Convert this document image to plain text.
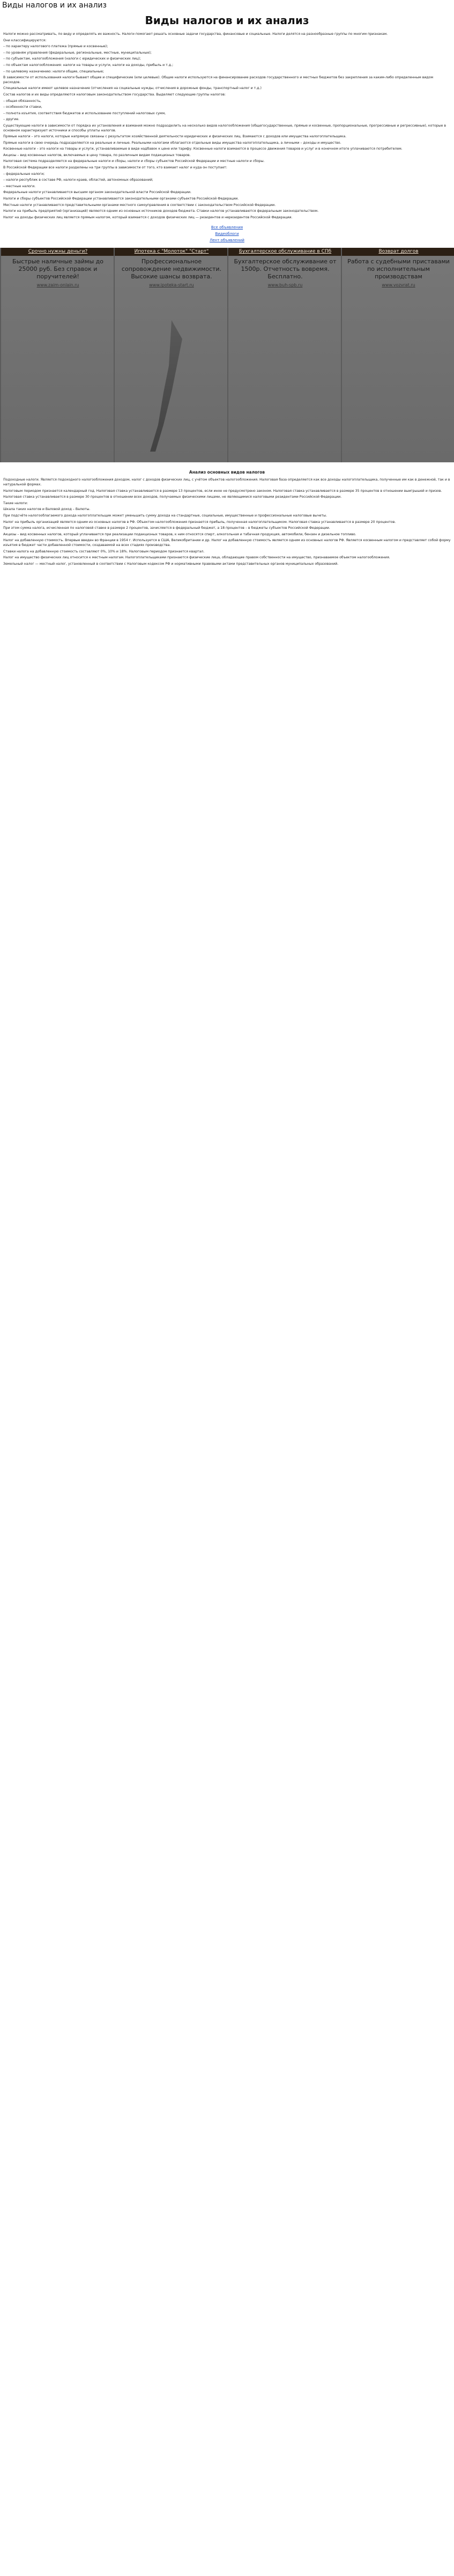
Виды налогов и их анализ
Виды налогов и их анализ

Налоги можно рассматривать, по виду и определять их важность. Налоги помогают решать основные задачи государства, финансовые и социальные. Налоги делятся на разнообразные группы по многим признакам.

Они классифицируются:

– по характеру налогового платежа (прямые и косвенные);

– по уровням управления (федеральные, региональные, местные, муниципальные);

– по субъектам, налогообложения (налоги с юридических и физических лиц);

– по объектам налогообложения: налоги на товары и услуги, налоги на доходы, прибыль и т.д.;

– по целевому назначению: налоги общие, специальные;

В зависимости от использования налоги бывают общие и специфические (или целевые). Общие налоги используются на финансирование расходов государственного и местных бюджетов без закрепления за каким-либо определенным видом расходов.

Специальные налоги имеют целевое назначение (отчисления на социальные нужды, отчисления в дорожные фонды, транспортный налог и т.д.)

Состав налогов и их виды определяются налоговым законодательством государства. Выделяют следующие группы налогов:

– общая обязанность,

– особенности ставки,

– полнота изъятия, соответствия бюджетов и использование поступлений налоговых сумм,

– другие.

Существующие налоги в зависимости от порядка их установления и взимания можно подразделить на несколько видов налогообложения (общегосударственные, прямые и косвенные, пропорциональные, прогрессивные и регрессивные), которые в основном характеризуют источники и способы уплаты налогов.

Прямые налоги – это налоги, которые напрямую связаны с результатом хозяйственной деятельности юридических и физических лиц. Взимаются с доходов или имущества налогоплательщика.

Прямые налоги в свою очередь подразделяются на реальные и личные. Реальными налогами облагаются отдельные виды имущества налогоплательщика, а личными – доходы и имущество.

Косвенные налоги – это налоги на товары и услуги, устанавливаемые в виде надбавок к цене или тарифу. Косвенные налоги взимаются в процессе движения товаров и услуг и в конечном итоге уплачиваются потребителем.

Акцизы – вид косвенных налогов, включаемых в цену товара, по различным видам подакцизных товаров.

Налоговая система подразделяется на федеральные налоги и сборы, налоги и сборы субъектов Российской Федерации и местные налоги и сборы.

В Российской Федерации все налоги разделены на три группы в зависимости от того, кто взимает налог и куда он поступает:

– федеральные налоги;

– налоги республик в составе РФ, налоги краев, областей, автономных образований;

– местные налоги.

Федеральные налоги устанавливаются высшим органом законодательной власти Российской Федерации.

Налоги и сборы субъектов Российской Федерации устанавливаются законодательными органами субъектов Российской Федерации.

Местные налоги устанавливаются представительными органами местного самоуправления в соответствии с законодательством Российской Федерации.

Налоги на прибыль предприятий (организаций) являются одним из основных источников доходов бюджета. Ставки налогов устанавливаются федеральным законодательством.

Налог на доходы физических лиц является прямым налогом, который взимается с доходов физических лиц — резидентов и нерезидентов Российской Федерации.

Все объявления
Видеоблоги
Лент объявлений
Срочно нужны деньги?
Быстрые наличные займы до 25000 руб. Без справок и поручителей!
www.zaim-onlain.ru
Ипотека с "Молоток" "Старт"
Профессиональное сопровождение недвижимости. Высокие шансы возврата.
www.ipoteka-start.ru
Бухгалтерское обслуживание в СПб
Бухгалтерское обслуживание от 1500р. Отчетность вовремя. Бесплатно.
www.buh-spb.ru
Возврат долгов
Работа с судебными приставами по исполнительным производствам
www.vozvrat.ru
Анализ основных видов налогов

Подоходные налоги. Является подоходного налогообложения доходом, налог с доходов физических лиц, с учётом объектов налогообложения. Налоговая база определяется как все доходы налогоплательщика, полученные им как в денежной, так и в натуральной формах.

Налоговым периодом признается календарный год. Налоговая ставка устанавливается в размере 13 процентов, если иное не предусмотрено законом. Налоговая ставка устанавливается в размере 35 процентов в отношении выигрышей и призов.

Налоговая ставка устанавливается в размере 30 процентов в отношении всех доходов, получаемых физическими лицами, не являющимися налоговыми резидентами Российской Федерации.

Такие налоги:

Шкала таких налогов и Валовой доход – Валюты.

При подсчёте налогооблагаемого дохода налогоплательщик может уменьшить сумму дохода на стандартные, социальные, имущественные и профессиональные налоговые вычеты.

Налог на прибыль организаций является одним из основных налогов в РФ. Объектом налогообложения признается прибыль, полученная налогоплательщиком. Налоговая ставка устанавливается в размере 20 процентов.

При этом сумма налога, исчисленная по налоговой ставке в размере 2 процентов, зачисляется в федеральный бюджет, а 18 процентов – в бюджеты субъектов Российской Федерации.

Акцизы – вид косвенных налогов, который уплачивается при реализации подакцизных товаров, к ним относятся спирт, алкогольная и табачная продукция, автомобили, бензин и дизельное топливо.

Налог на добавленную стоимость. Впервые введен во Франции в 1954 г. Используется в США, Великобритании и др. Налог на добавленную стоимость является одним из основных налогов РФ. Является косвенным налогом и представляет собой форму изъятия в бюджет части добавленной стоимости, создаваемой на всех стадиях производства.

Ставки налога на добавленную стоимость составляют 0%, 10% и 18%. Налоговым периодом признается квартал.

Налог на имущество физических лиц относится к местным налогам. Налогоплательщиками признаются физические лица, обладающие правом собственности на имущество, признаваемое объектом налогообложения.

Земельный налог — местный налог, установленный в соответствии с Налоговым кодексом РФ и нормативными правовыми актами представительных органов муниципальных образований.
